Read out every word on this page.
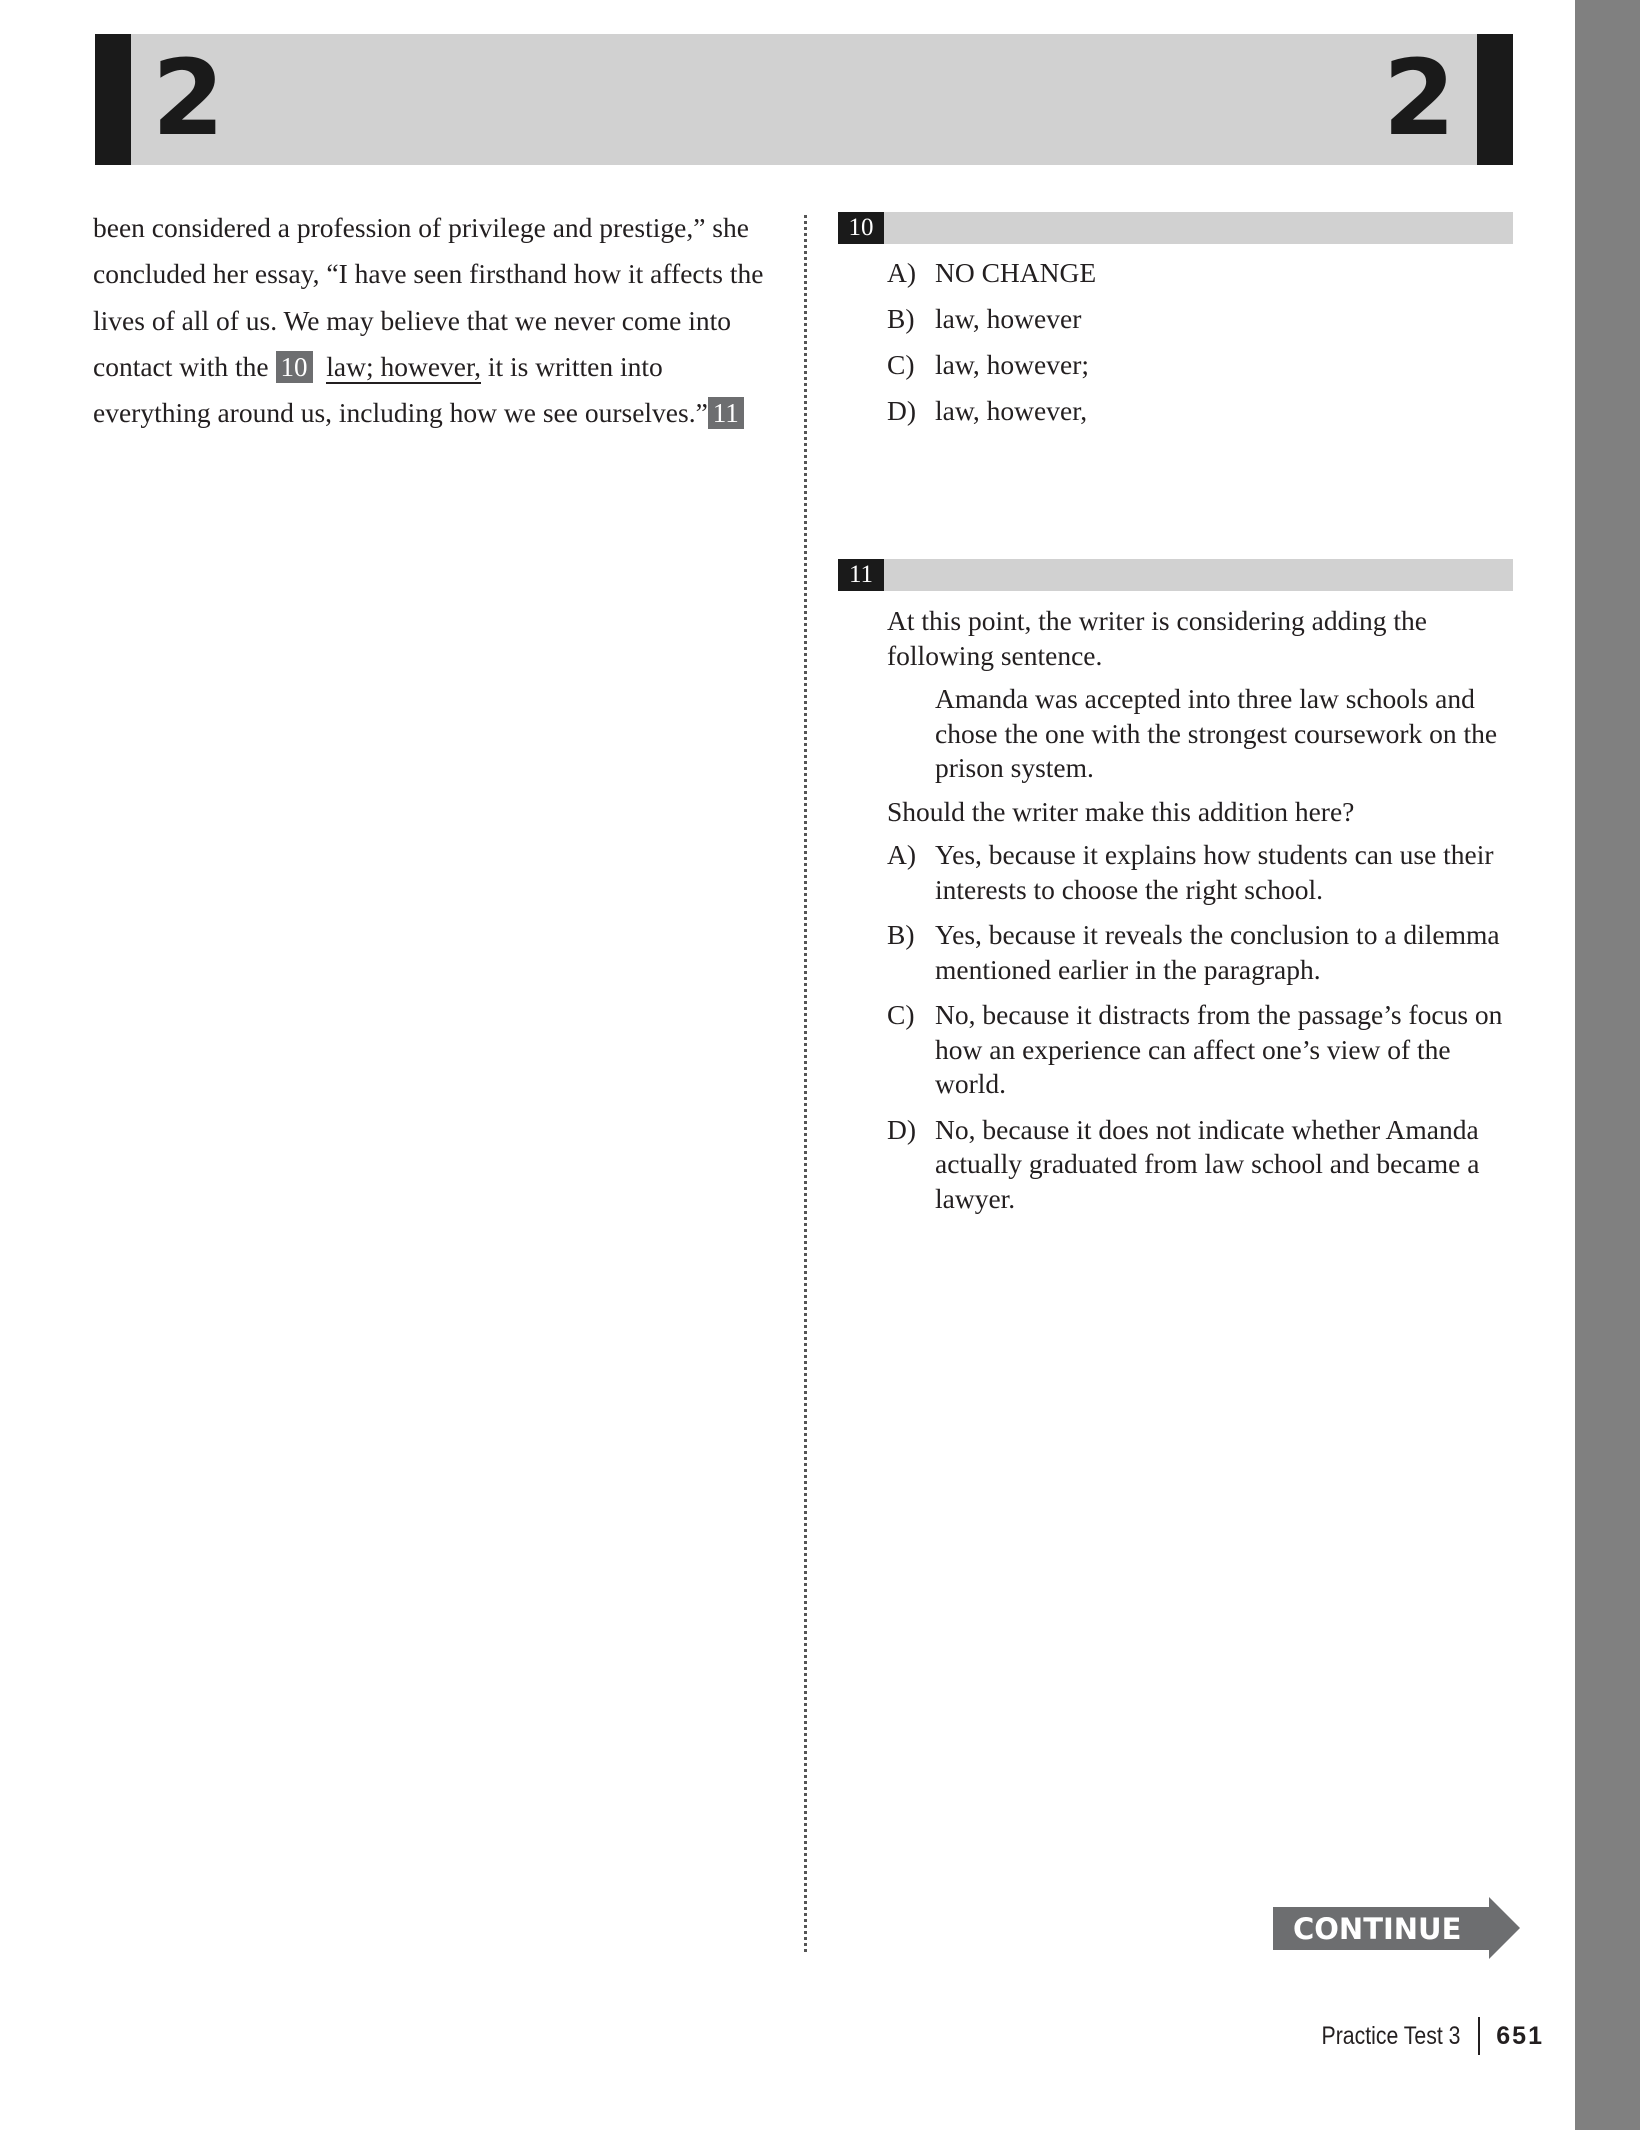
2	2
been considered a profession of privilege and prestige,” she concluded her essay, “I have seen firsthand how it affects the lives of all of us. We may believe that we never come into contact with the 10 law; however, it is written into everything around us, including how we see ourselves.” 11
10
A) NO CHANGE
B) law, however
C) law, however;
D) law, however,
11
At this point, the writer is considering adding the following sentence.
Amanda was accepted into three law schools and chose the one with the strongest coursework on the prison system.
Should the writer make this addition here?
A) Yes, because it explains how students can use their interests to choose the right school.
B) Yes, because it reveals the conclusion to a dilemma mentioned earlier in the paragraph.
C) No, because it distracts from the passage’s focus on how an experience can affect one’s view of the world.
D) No, because it does not indicate whether Amanda actually graduated from law school and became a lawyer.
CONTINUE
Practice Test 3 651
